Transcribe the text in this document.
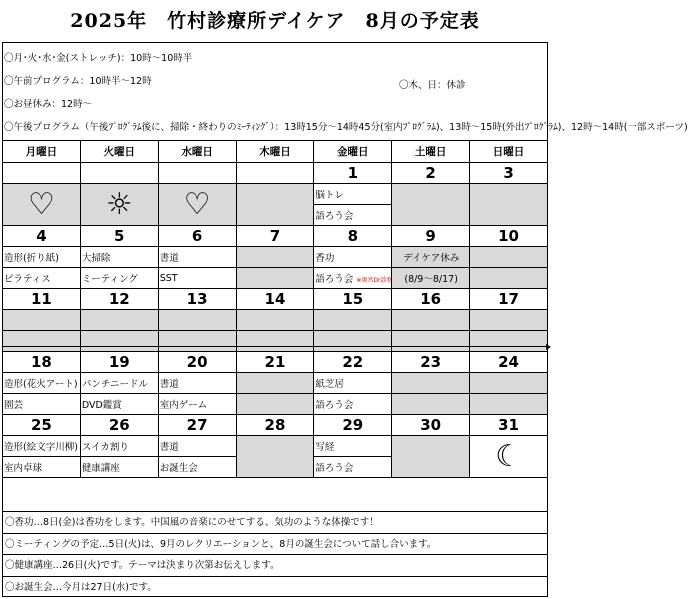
2025年　竹村診療所デイケア　8月の予定表
〇月･火･水･金(ストレッチ)：10時～10時半
〇午前プログラム：10時半～12時	〇木、日：休診
〇お昼休み：12時～
〇午後プログラム（午後ﾌﾟﾛｸﾞﾗﾑ後に、掃除・終わりのﾐｰﾃｨﾝｸﾞ）：13時15分～14時45分(室内ﾌﾟﾛｸﾞﾗﾑ)、13時～15時(外出ﾌﾟﾛｸﾞﾗﾑ)、12時～14時(一部スポーツ)
月曜日	火曜日	水曜日	木曜日	金曜日	土曜日	日曜日
				1	2	3
♡	☼	♡		脳トレ		
				語ろう会		
4	5	6	7	8	9	10
造形(折り紙)	大掃除	書道		香功	デイケア休み	
ピラティス	ミーティング	SST		語ろう会 ※奥宮Dr診察	(8/9～8/17)	
11	12	13	14	15	16	17

18	19	20	21	22	23	24
造形(花火アート)	パンチニードル	書道		紙芝居		
園芸	DVD鑑賞	室内ゲーム		語ろう会		
25	26	27	28	29	30	31
造形(絵文字川柳)	スイカ割り	書道		写経		☾
室内卓球	健康講座	お誕生会		語ろう会		
〇香功…8日(金)は香功をします。中国風の音楽にのせてする、気功のような体操です！
〇ミーティングの予定…5日(火)は、9月のレクリエーションと、8月の誕生会について話し合います。
〇健康講座…26日(火)です。テーマは決まり次第お伝えします。
〇お誕生会…今月は27日(水)です。
